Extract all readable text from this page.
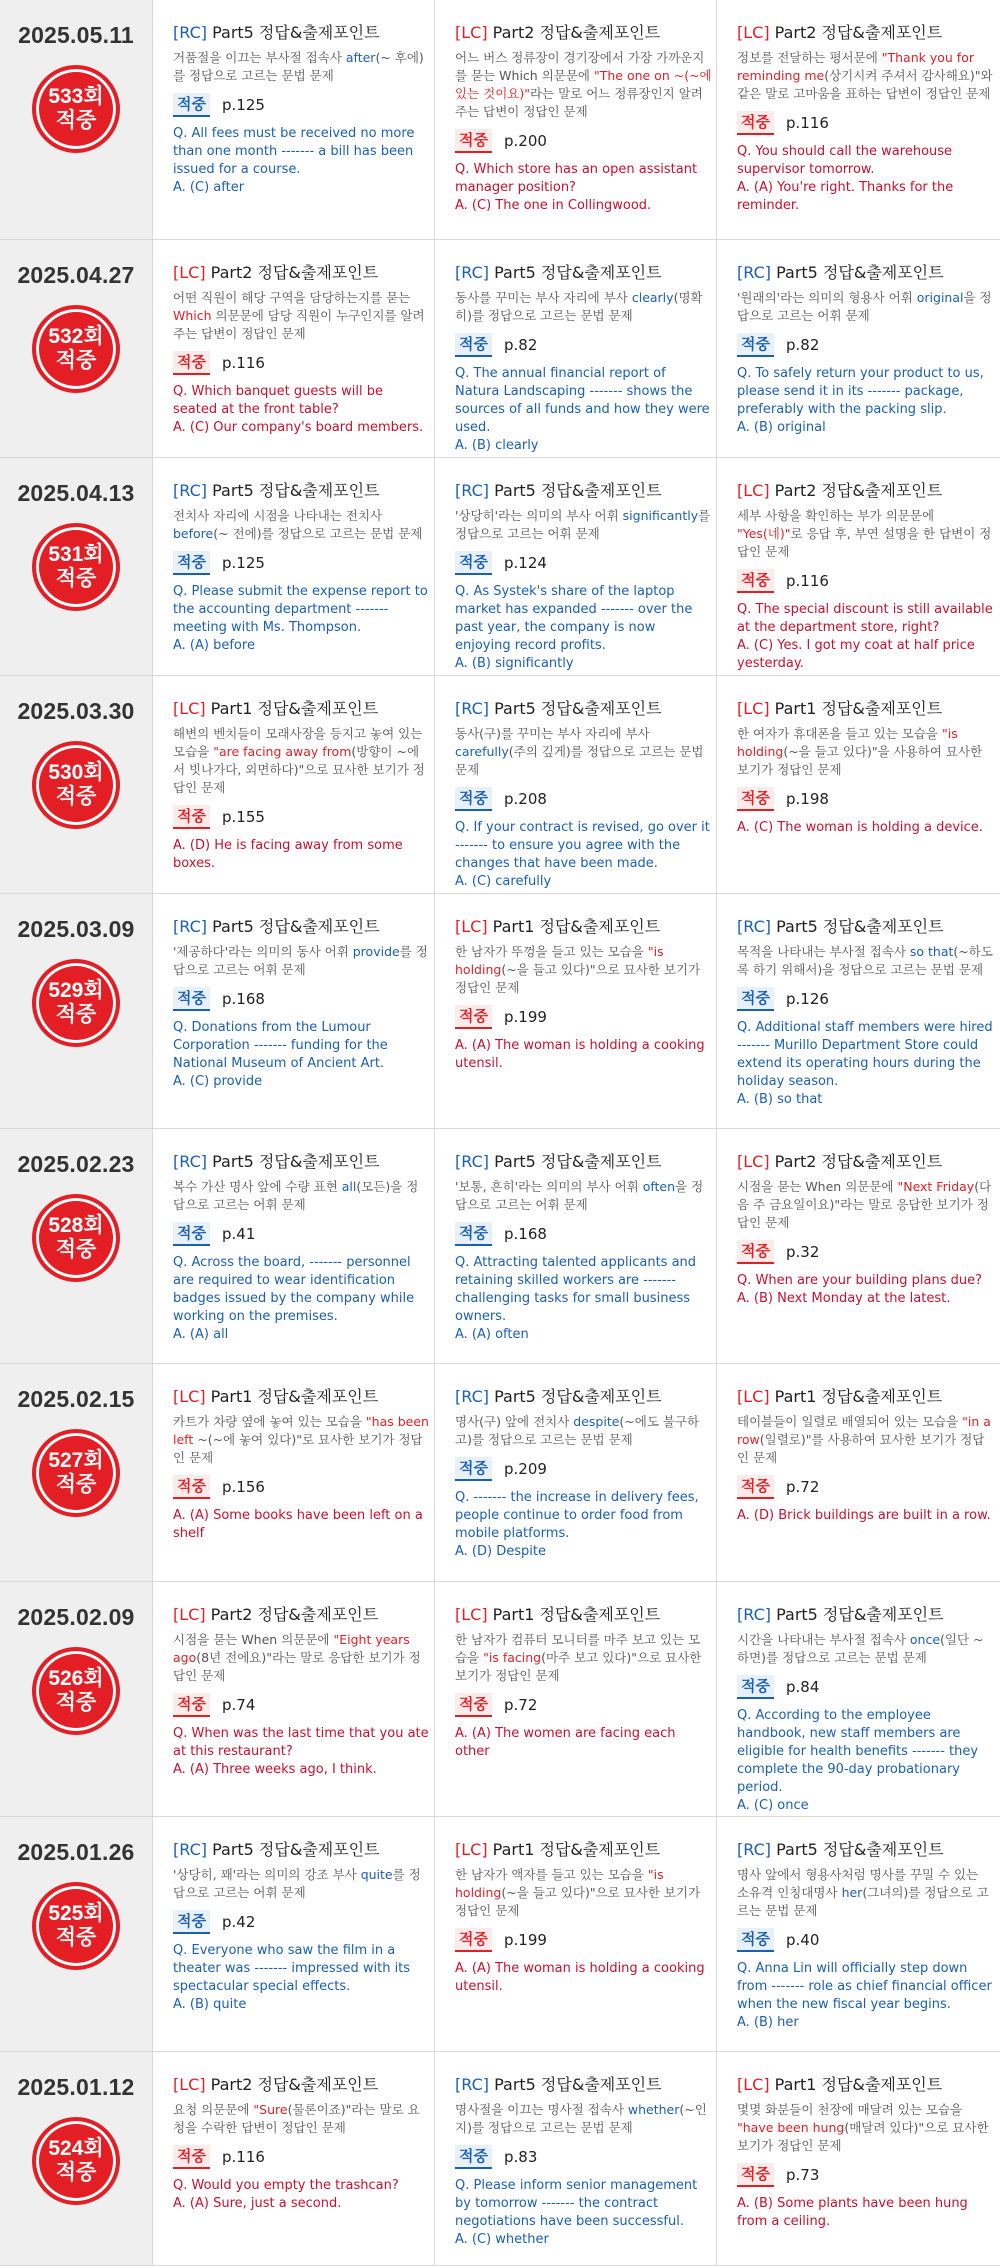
2025.05.11
533회
적중
[RC] Part5 정답&출제포인트
거품절을 이끄는 부사절 접속사 after(~ 후에)를 정답으로 고르는 문법 문제
적중 p.125
Q. All fees must be received no more than one month ------- a bill has been issued for a course.
A. (C) after
[LC] Part2 정답&출제포인트
어느 버스 정류장이 경기장에서 가장 가까운지를 묻는 Which 의문문에 "The one on ~(~에 있는 것이요)"라는 말로 어느 정류장인지 알려주는 답변이 정답인 문제
적중 p.200
Q. Which store has an open assistant manager position?
A. (C) The one in Collingwood.
[LC] Part2 정답&출제포인트
정보를 전달하는 평서문에 "Thank you for reminding me(상기시켜 주셔서 감사해요)"와 같은 말로 고마움을 표하는 답변이 정답인 문제
적중 p.116
Q. You should call the warehouse supervisor tomorrow.
A. (A) You're right. Thanks for the reminder.
2025.04.27
532회
적중
[LC] Part2 정답&출제포인트
어떤 직원이 해당 구역을 담당하는지를 묻는 Which 의문문에 담당 직원이 누구인지를 알려주는 답변이 정답인 문제
적중 p.116
Q. Which banquet guests will be seated at the front table?
A. (C) Our company's board members.
[RC] Part5 정답&출제포인트
동사를 꾸미는 부사 자리에 부사 clearly(명확히)를 정답으로 고르는 문법 문제
적중 p.82
Q. The annual financial report of Natura Landscaping ------- shows the sources of all funds and how they were used.
A. (B) clearly
[RC] Part5 정답&출제포인트
'원래의'라는 의미의 형용사 어휘 original을 정답으로 고르는 어휘 문제
적중 p.82
Q. To safely return your product to us, please send it in its ------- package, preferably with the packing slip.
A. (B) original
2025.04.13
531회
적중
[RC] Part5 정답&출제포인트
전치사 자리에 시점을 나타내는 전치사 before(~ 전에)를 정답으로 고르는 문법 문제
적중 p.125
Q. Please submit the expense report to the accounting department ------- meeting with Ms. Thompson.
A. (A) before
[RC] Part5 정답&출제포인트
'상당히'라는 의미의 부사 어휘 significantly를 정답으로 고르는 어휘 문제
적중 p.124
Q. As Systek's share of the laptop market has expanded ------- over the past year, the company is now enjoying record profits.
A. (B) significantly
[LC] Part2 정답&출제포인트
세부 사항을 확인하는 부가 의문문에 "Yes(네)"로 응답 후, 부연 설명을 한 답변이 정답인 문제
적중 p.116
Q. The special discount is still available at the department store, right?
A. (C) Yes. I got my coat at half price yesterday.
2025.03.30
530회
적중
[LC] Part1 정답&출제포인트
해변의 벤치들이 모래사장을 등지고 놓여 있는 모습을 "are facing away from(방향이 ~에서 빗나가다, 외면하다)"으로 묘사한 보기가 정답인 문제
적중 p.155
A. (D) He is facing away from some boxes.
[RC] Part5 정답&출제포인트
동사(구)를 꾸미는 부사 자리에 부사 carefully(주의 깊게)를 정답으로 고르는 문법 문제
적중 p.208
Q. If your contract is revised, go over it ------- to ensure you agree with the changes that have been made.
A. (C) carefully
[LC] Part1 정답&출제포인트
한 여자가 휴대폰을 들고 있는 모습을 "is holding(~을 들고 있다)"을 사용하여 묘사한 보기가 정답인 문제
적중 p.198
A. (C) The woman is holding a device.
2025.03.09
529회
적중
[RC] Part5 정답&출제포인트
'제공하다'라는 의미의 동사 어휘 provide를 정답으로 고르는 어휘 문제
적중 p.168
Q. Donations from the Lumour Corporation ------- funding for the National Museum of Ancient Art.
A. (C) provide
[LC] Part1 정답&출제포인트
한 남자가 뚜껑을 들고 있는 모습을 "is holding(~을 들고 있다)"으로 묘사한 보기가 정답인 문제
적중 p.199
A. (A) The woman is holding a cooking utensil.
[RC] Part5 정답&출제포인트
목적을 나타내는 부사절 접속사 so that(~하도록 하기 위해서)을 정답으로 고르는 문법 문제
적중 p.126
Q. Additional staff members were hired ------- Murillo Department Store could extend its operating hours during the holiday season.
A. (B) so that
2025.02.23
528회
적중
[RC] Part5 정답&출제포인트
복수 가산 명사 앞에 수량 표현 all(모든)을 정답으로 고르는 어휘 문제
적중 p.41
Q. Across the board, ------- personnel are required to wear identification badges issued by the company while working on the premises.
A. (A) all
[RC] Part5 정답&출제포인트
'보통, 흔히'라는 의미의 부사 어휘 often을 정답으로 고르는 어휘 문제
적중 p.168
Q. Attracting talented applicants and retaining skilled workers are ------- challenging tasks for small business owners.
A. (A) often
[LC] Part2 정답&출제포인트
시점을 묻는 When 의문문에 "Next Friday(다음 주 금요일이요)"라는 말로 응답한 보기가 정답인 문제
적중 p.32
Q. When are your building plans due?
A. (B) Next Monday at the latest.
2025.02.15
527회
적중
[LC] Part1 정답&출제포인트
카트가 차량 옆에 놓여 있는 모습을 "has been left ~(~에 놓여 있다)"로 묘사한 보기가 정답인 문제
적중 p.156
A. (A) Some books have been left on a shelf
[RC] Part5 정답&출제포인트
명사(구) 앞에 전치사 despite(~에도 불구하고)를 정답으로 고르는 문법 문제
적중 p.209
Q. ------- the increase in delivery fees, people continue to order food from mobile platforms.
A. (D) Despite
[LC] Part1 정답&출제포인트
테이블들이 일렬로 배열되어 있는 모습을 "in a row(일렬로)"를 사용하여 묘사한 보기가 정답인 문제
적중 p.72
A. (D) Brick buildings are built in a row.
2025.02.09
526회
적중
[LC] Part2 정답&출제포인트
시점을 묻는 When 의문문에 "Eight years ago(8년 전에요)"라는 말로 응답한 보기가 정답인 문제
적중 p.74
Q. When was the last time that you ate at this restaurant?
A. (A) Three weeks ago, I think.
[LC] Part1 정답&출제포인트
한 남자가 컴퓨터 모니터를 마주 보고 있는 모습을 "is facing(마주 보고 있다)"으로 묘사한 보기가 정답인 문제
적중 p.72
A. (A) The women are facing each other
[RC] Part5 정답&출제포인트
시간을 나타내는 부사절 접속사 once(일단 ~하면)를 정답으로 고르는 문법 문제
적중 p.84
Q. According to the employee handbook, new staff members are eligible for health benefits ------- they complete the 90-day probationary period.
A. (C) once
2025.01.26
525회
적중
[RC] Part5 정답&출제포인트
'상당히, 꽤'라는 의미의 강조 부사 quite를 정답으로 고르는 어휘 문제
적중 p.42
Q. Everyone who saw the film in a theater was ------- impressed with its spectacular special effects.
A. (B) quite
[LC] Part1 정답&출제포인트
한 남자가 액자를 들고 있는 모습을 "is holding(~을 들고 있다)"으로 묘사한 보기가 정답인 문제
적중 p.199
A. (A) The woman is holding a cooking utensil.
[RC] Part5 정답&출제포인트
명사 앞에서 형용사처럼 명사를 꾸밀 수 있는 소유격 인칭대명사 her(그녀의)를 정답으로 고르는 문법 문제
적중 p.40
Q. Anna Lin will officially step down from ------- role as chief financial officer when the new fiscal year begins.
A. (B) her
2025.01.12
524회
적중
[LC] Part2 정답&출제포인트
요청 의문문에 "Sure(물론이죠)"라는 말로 요청을 수락한 답변이 정답인 문제
적중 p.116
Q. Would you empty the trashcan?
A. (A) Sure, just a second.
[RC] Part5 정답&출제포인트
명사절을 이끄는 명사절 접속사 whether(~인지)를 정답으로 고르는 문법 문제
적중 p.83
Q. Please inform senior management by tomorrow ------- the contract negotiations have been successful.
A. (C) whether
[LC] Part1 정답&출제포인트
몇몇 화분들이 천장에 매달려 있는 모습을 "have been hung(매달려 있다)"으로 묘사한 보기가 정답인 문제
적중 p.73
A. (B) Some plants have been hung from a ceiling.
